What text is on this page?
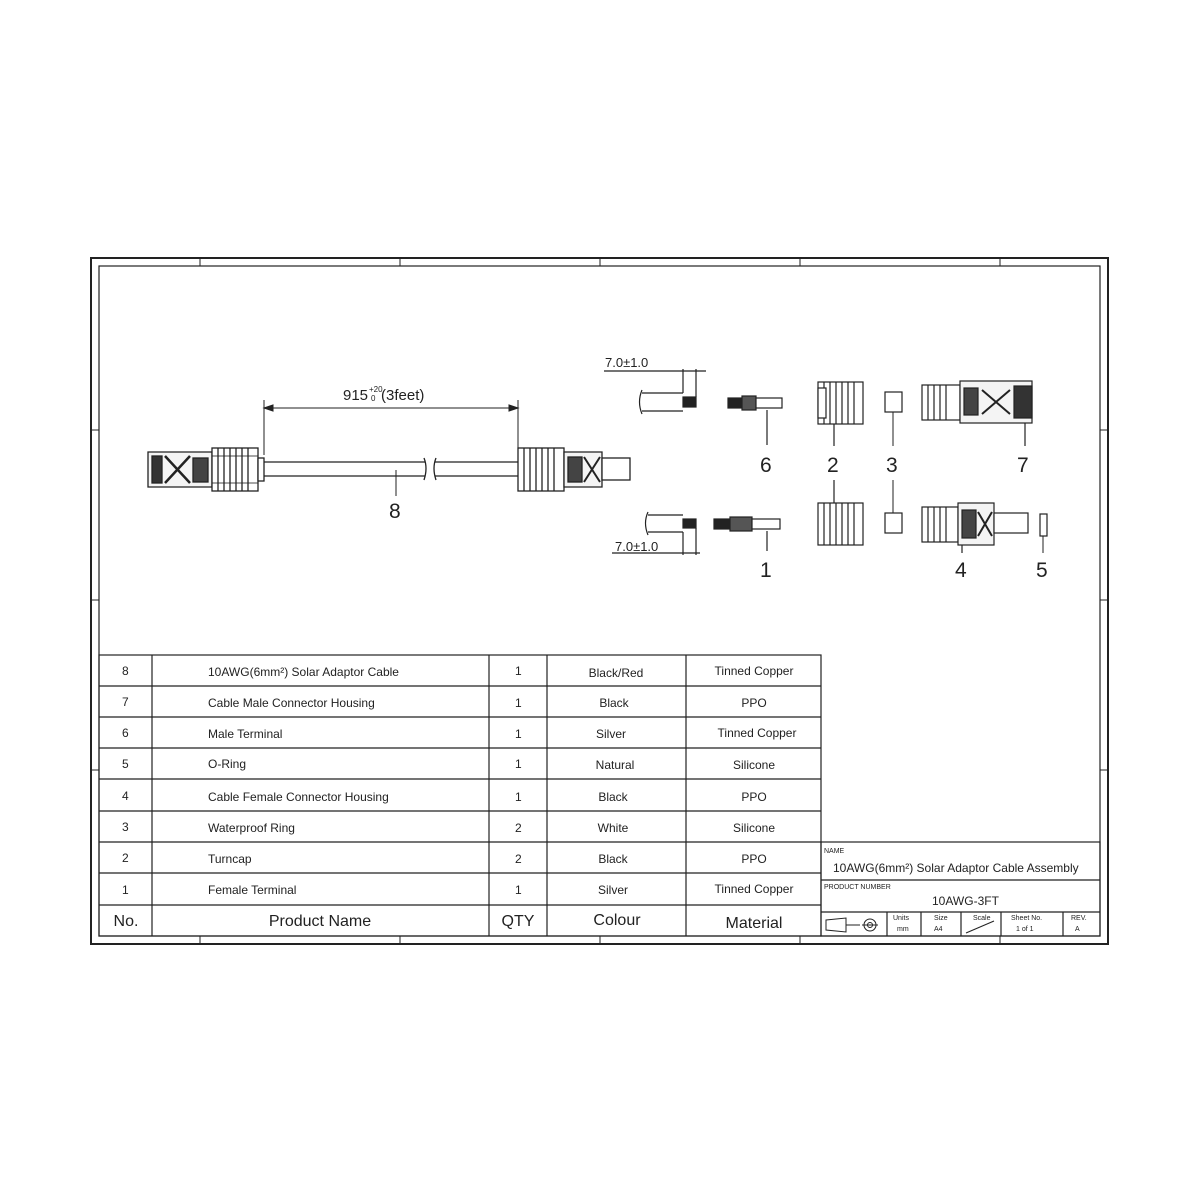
915 +20
0 (3feet)
8
7.0±1.0
6	2 3	7
7.0±1.0
1	4	5
8	10AWG(6mm²) Solar Adaptor Cable	1	Black/Red	Tinned Copper
7	Cable Male Connector Housing	1	Black	PPO
6	Male Terminal	1	Silver	Tinned Copper
5	O-Ring	1	Natural	Silicone
4	Cable Female Connector Housing	1	Black	PPO
3	Waterproof Ring	2	White	Silicone
2	Turncap	2	Black	PPO
1	Female Terminal	1	Silver	Tinned Copper
No.	Product Name	QTY	Colour	Material
NAME
10AWG(6mm²) Solar Adaptor Cable Assembly
PRODUCT NUMBER
10AWG-3FT
Units
mm
Size
A4
Scale	Sheet No.
1 of 1
REV.
A
